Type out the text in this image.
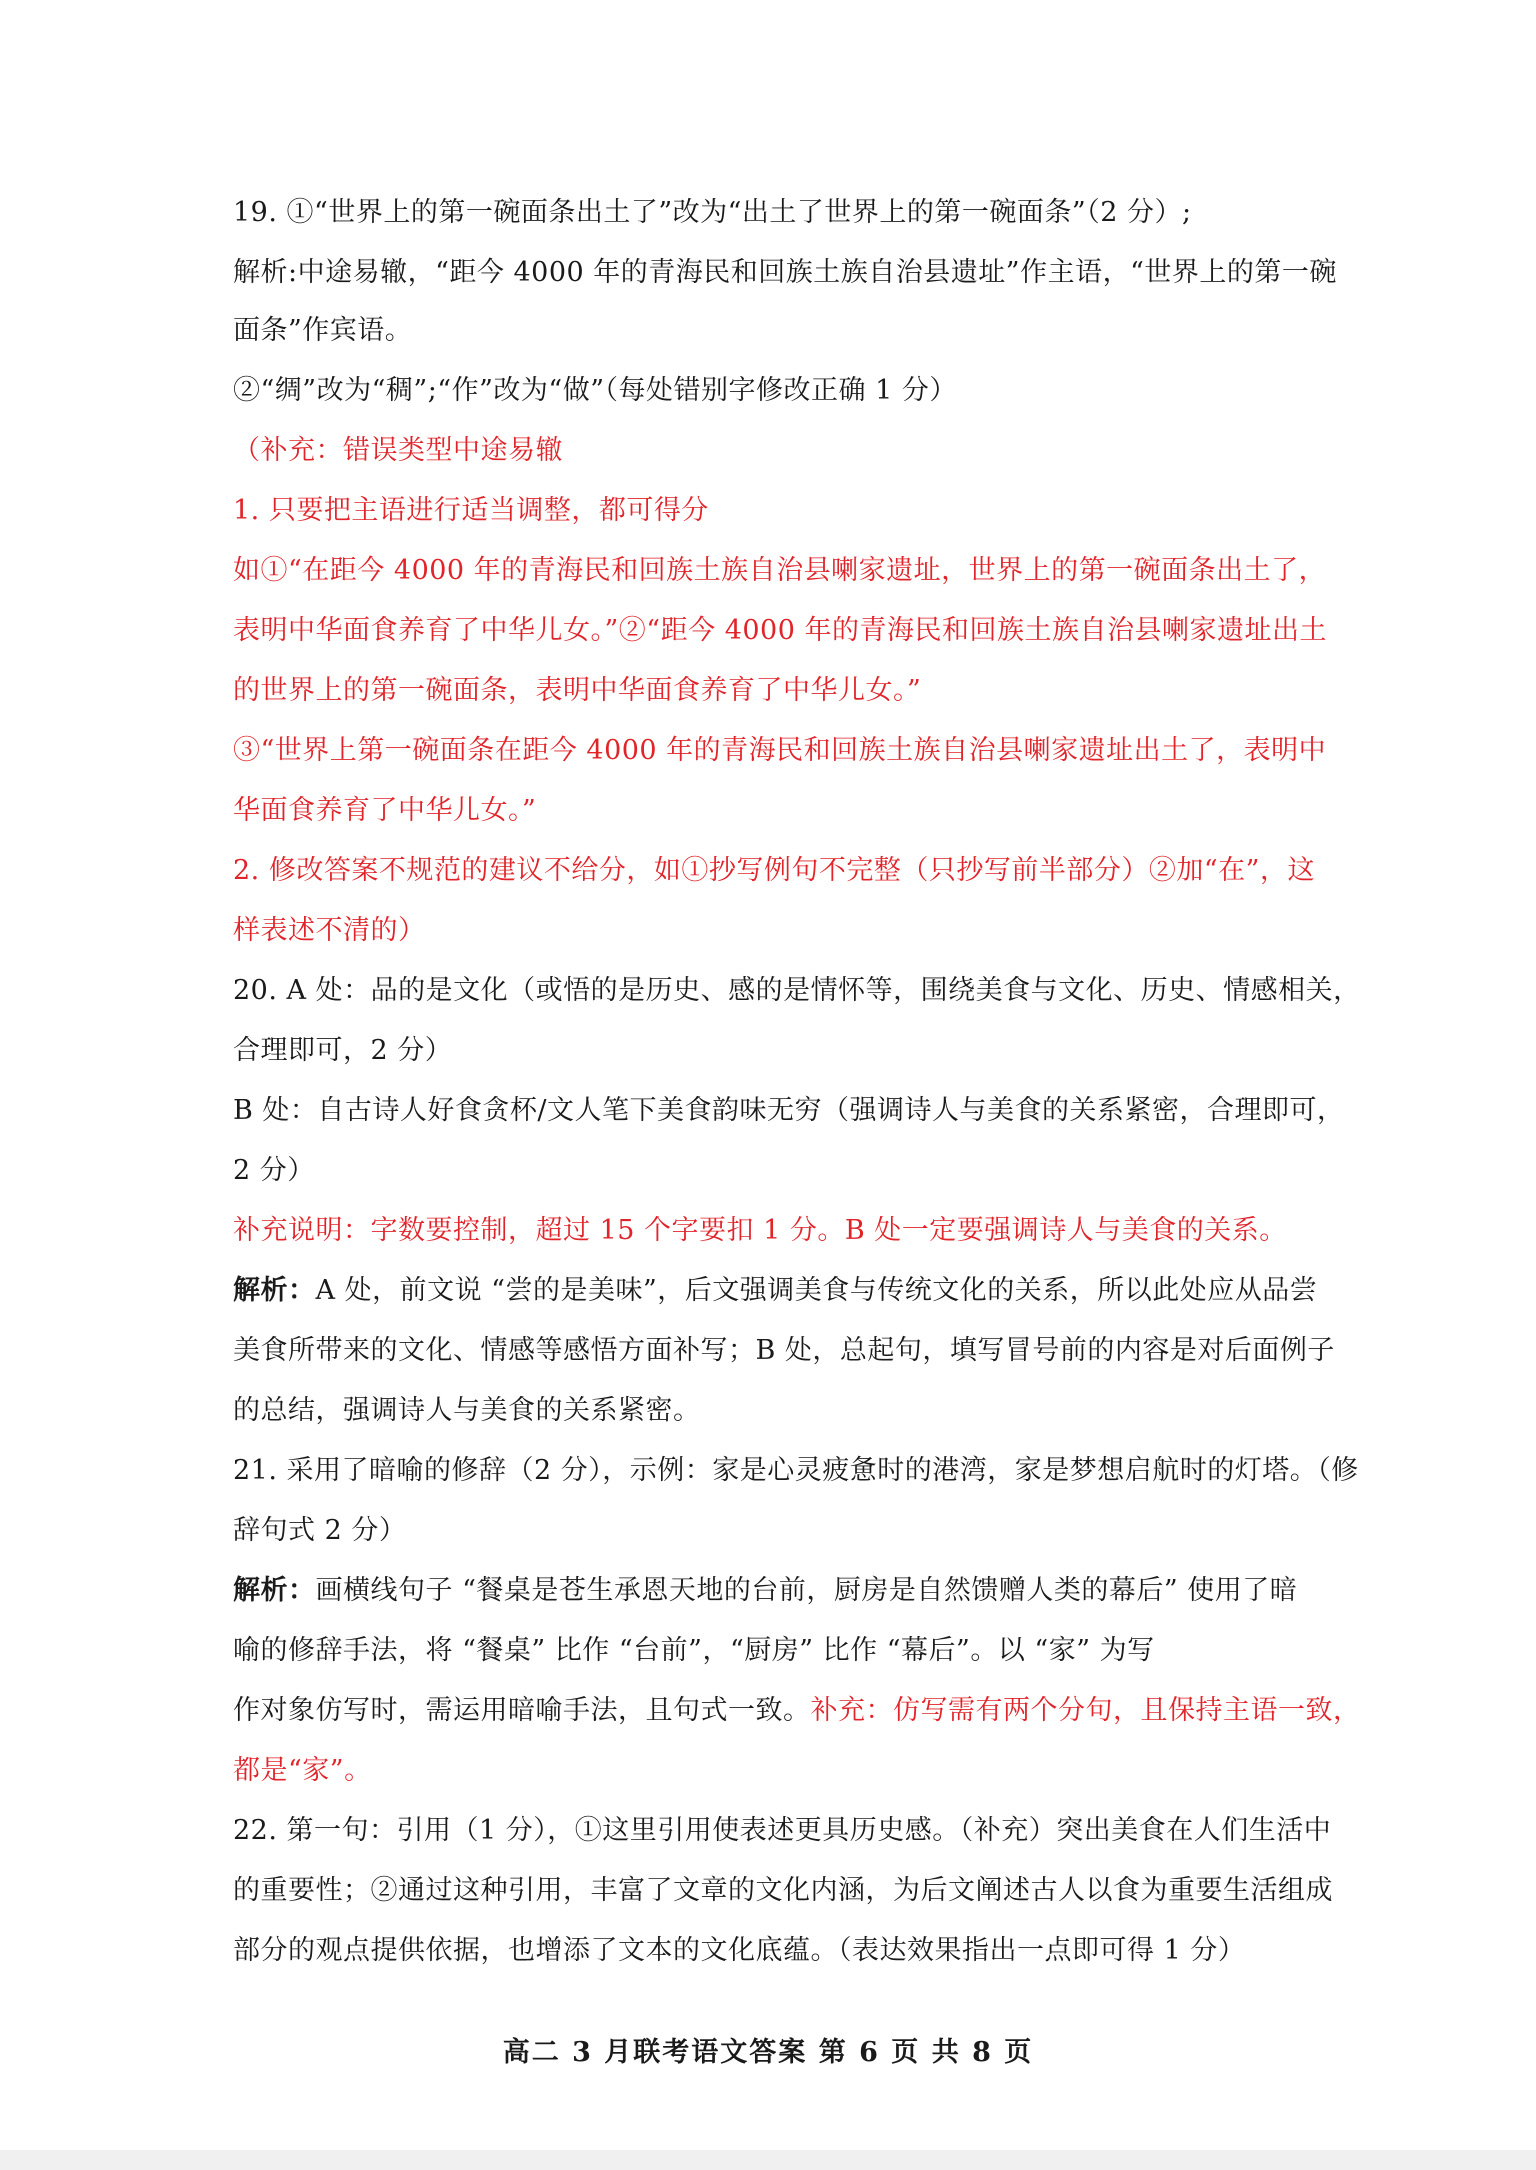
19. ①“世界上的第一碗面条出土了”改为“出土了世界上的第一碗面条”（2 分）;
解析:中途易辙，“距今 4000 年的青海民和回族土族自治县遗址”作主语，“世界上的第一碗
面条”作宾语。
②“绸”改为“稠”;“作”改为“做”（每处错别字修改正确 1 分）
（补充：错误类型中途易辙
1. 只要把主语进行适当调整，都可得分
如①“在距今 4000 年的青海民和回族土族自治县喇家遗址，世界上的第一碗面条出土了，
表明中华面食养育了中华儿女。”②“距今 4000 年的青海民和回族土族自治县喇家遗址出土
的世界上的第一碗面条，表明中华面食养育了中华儿女。”
③“世界上第一碗面条在距今 4000 年的青海民和回族土族自治县喇家遗址出土了，表明中
华面食养育了中华儿女。”
2. 修改答案不规范的建议不给分，如①抄写例句不完整（只抄写前半部分）②加“在”，这
样表述不清的）
20. A 处：品的是文化（或悟的是历史、感的是情怀等，围绕美食与文化、历史、情感相关，
合理即可，2 分）
B 处：自古诗人好食贪杯/文人笔下美食韵味无穷（强调诗人与美食的关系紧密，合理即可，
2 分）
补充说明：字数要控制，超过 15 个字要扣 1 分。B 处一定要强调诗人与美食的关系。
解析：A 处，前文说 “尝的是美味”，后文强调美食与传统文化的关系，所以此处应从品尝
美食所带来的文化、情感等感悟方面补写；B 处，总起句，填写冒号前的内容是对后面例子
的总结，强调诗人与美食的关系紧密。
21. 采用了暗喻的修辞（2 分），示例：家是心灵疲惫时的港湾，家是梦想启航时的灯塔。（修
辞句式 2 分）
解析：画横线句子 “餐桌是苍生承恩天地的台前，厨房是自然馈赠人类的幕后” 使用了暗
喻的修辞手法，将 “餐桌” 比作 “台前”，“厨房” 比作 “幕后”。以 “家” 为写
作对象仿写时，需运用暗喻手法，且句式一致。补充：仿写需有两个分句，且保持主语一致，
都是“家”。
22. 第一句：引用（1 分），①这里引用使表述更具历史感。（补充）突出美食在人们生活中
的重要性；②通过这种引用，丰富了文章的文化内涵，为后文阐述古人以食为重要生活组成
部分的观点提供依据，也增添了文本的文化底蕴。（表达效果指出一点即可得 1 分）
高二 3 月联考语文答案 第 6 页 共 8 页
